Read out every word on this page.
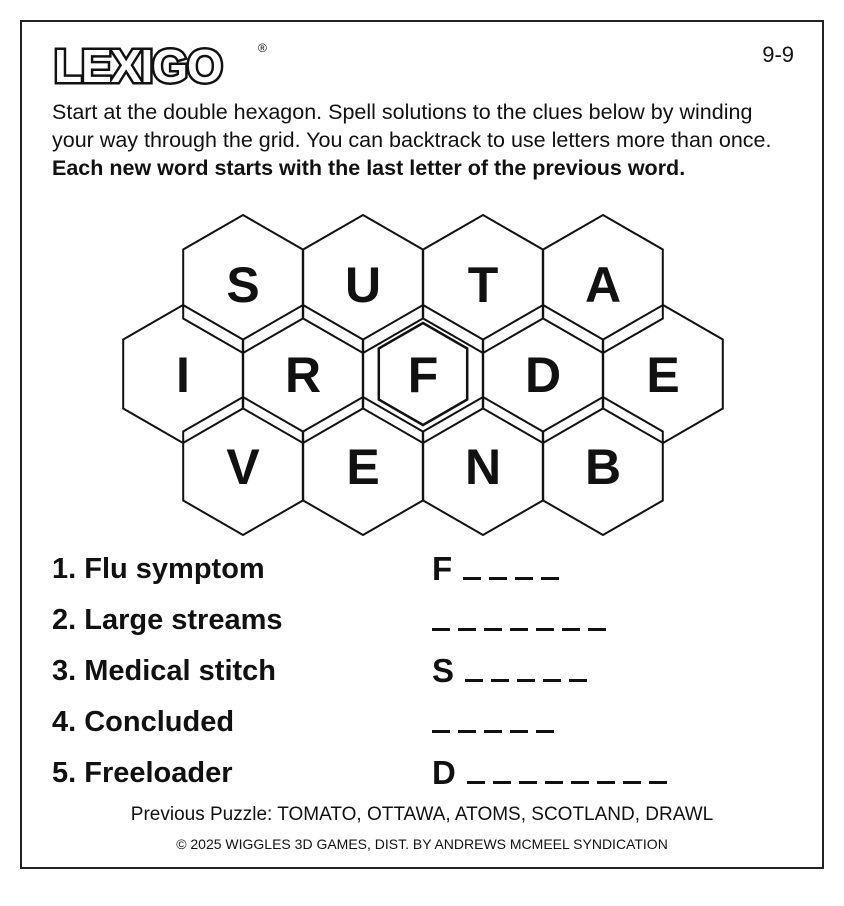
LEXIGO	®	9-9
Start at the double hexagon. Spell solutions to the clues below by winding your way through the grid. You can backtrack to use letters more than once. Each new word starts with the last letter of the previous word.
S U T A
I R F D E
V E N B
1. Flu symptom	F
2. Large streams
3. Medical stitch	S
4. Concluded
5. Freeloader	D
Previous Puzzle: TOMATO, OTTAWA, ATOMS, SCOTLAND, DRAWL
© 2025 WIGGLES 3D GAMES, DIST. BY ANDREWS MCMEEL SYNDICATION
